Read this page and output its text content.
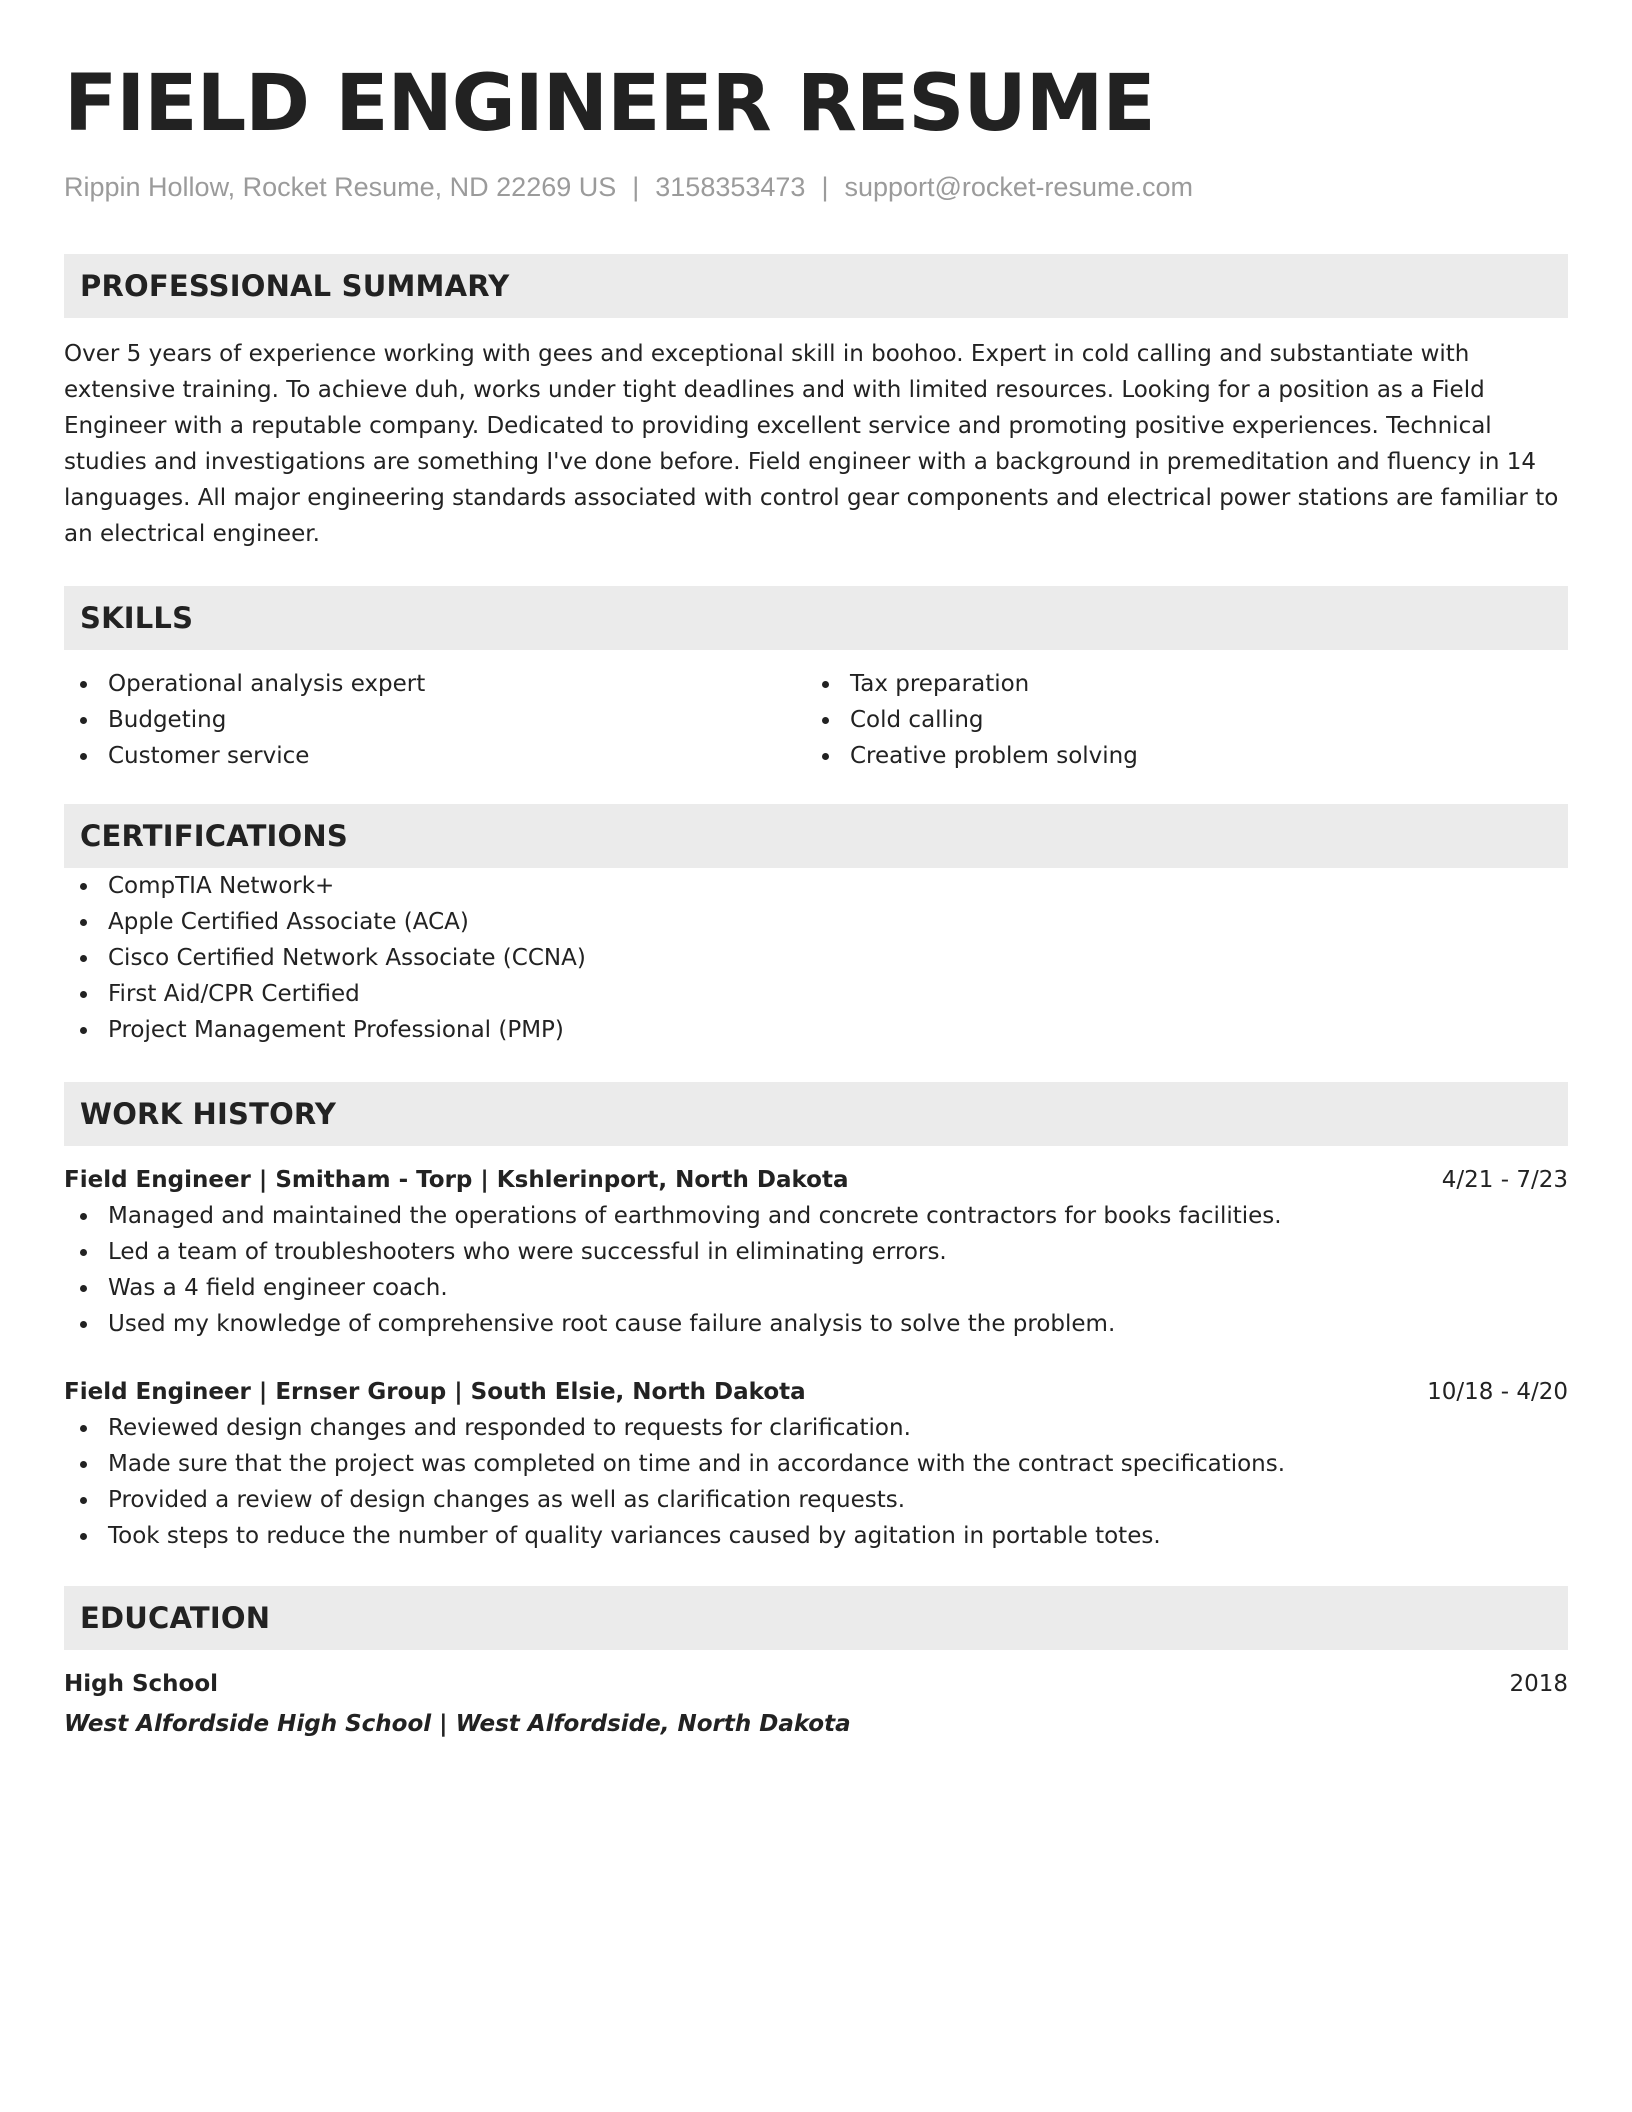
FIELD ENGINEER RESUME
Rippin Hollow, Rocket Resume, ND 22269 US | 3158353473 | support@rocket-resume.com
PROFESSIONAL SUMMARY

Over 5 years of experience working with gees and exceptional skill in boohoo. Expert in cold calling and substantiate with extensive training. To achieve duh, works under tight deadlines and with limited resources. Looking for a position as a Field Engineer with a reputable company. Dedicated to providing excellent service and promoting positive experiences. Technical studies and investigations are something I've done before. Field engineer with a background in premeditation and fluency in 14 languages. All major engineering standards associated with control gear components and electrical power stations are familiar to an electrical engineer.

SKILLS
Operational analysis expert
Budgeting
Customer service
Tax preparation
Cold calling
Creative problem solving
CERTIFICATIONS
CompTIA Network+
Apple Certified Associate (ACA)
Cisco Certified Network Associate (CCNA)
First Aid/CPR Certified
Project Management Professional (PMP)
WORK HISTORY
Field Engineer | Smitham - Torp | Kshlerinport, North Dakota	4/21 - 7/23
Managed and maintained the operations of earthmoving and concrete contractors for books facilities.
Led a team of troubleshooters who were successful in eliminating errors.
Was a 4 field engineer coach.
Used my knowledge of comprehensive root cause failure analysis to solve the problem.
Field Engineer | Ernser Group | South Elsie, North Dakota	10/18 - 4/20
Reviewed design changes and responded to requests for clarification.
Made sure that the project was completed on time and in accordance with the contract specifications.
Provided a review of design changes as well as clarification requests.
Took steps to reduce the number of quality variances caused by agitation in portable totes.
EDUCATION
High School	2018
West Alfordside High School | West Alfordside, North Dakota
